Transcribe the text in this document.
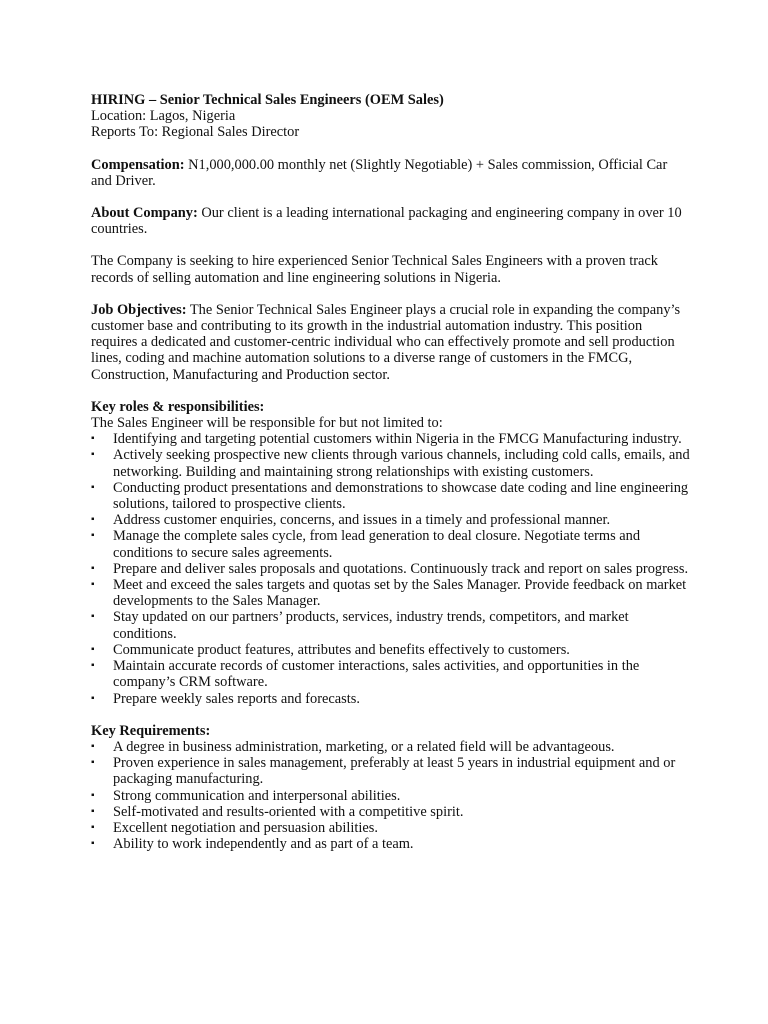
HIRING – Senior Technical Sales Engineers (OEM Sales)

Location: Lagos, Nigeria

Reports To: Regional Sales Director

Compensation: N1,000,000.00 monthly net (Slightly Negotiable) + Sales commission, Official Car and Driver.

About Company: Our client is a leading international packaging and engineering company in over 10 countries.

The Company is seeking to hire experienced Senior Technical Sales Engineers with a proven track records of selling automation and line engineering solutions in Nigeria.

Job Objectives: The Senior Technical Sales Engineer plays a crucial role in expanding the company’s customer base and contributing to its growth in the industrial automation industry. This position requires a dedicated and customer-centric individual who can effectively promote and sell production lines, coding and machine automation solutions to a diverse range of customers in the FMCG, Construction, Manufacturing and Production sector.

Key roles & responsibilities:

The Sales Engineer will be responsible for but not limited to:

▪ Identifying and targeting potential customers within Nigeria in the FMCG Manufacturing industry.
▪ Actively seeking prospective new clients through various channels, including cold calls, emails, and networking. Building and maintaining strong relationships with existing customers.
▪ Conducting product presentations and demonstrations to showcase date coding and line engineering solutions, tailored to prospective clients.
▪ Address customer enquiries, concerns, and issues in a timely and professional manner.
▪ Manage the complete sales cycle, from lead generation to deal closure. Negotiate terms and conditions to secure sales agreements.
▪ Prepare and deliver sales proposals and quotations. Continuously track and report on sales progress.
▪ Meet and exceed the sales targets and quotas set by the Sales Manager. Provide feedback on market developments to the Sales Manager.
▪ Stay updated on our partners’ products, services, industry trends, competitors, and market conditions.
▪ Communicate product features, attributes and benefits effectively to customers.
▪ Maintain accurate records of customer interactions, sales activities, and opportunities in the company’s CRM software.
▪ Prepare weekly sales reports and forecasts.

Key Requirements:

▪ A degree in business administration, marketing, or a related field will be advantageous.
▪ Proven experience in sales management, preferably at least 5 years in industrial equipment and or packaging manufacturing.
▪ Strong communication and interpersonal abilities.
▪ Self-motivated and results-oriented with a competitive spirit.
▪ Excellent negotiation and persuasion abilities.
▪ Ability to work independently and as part of a team.
